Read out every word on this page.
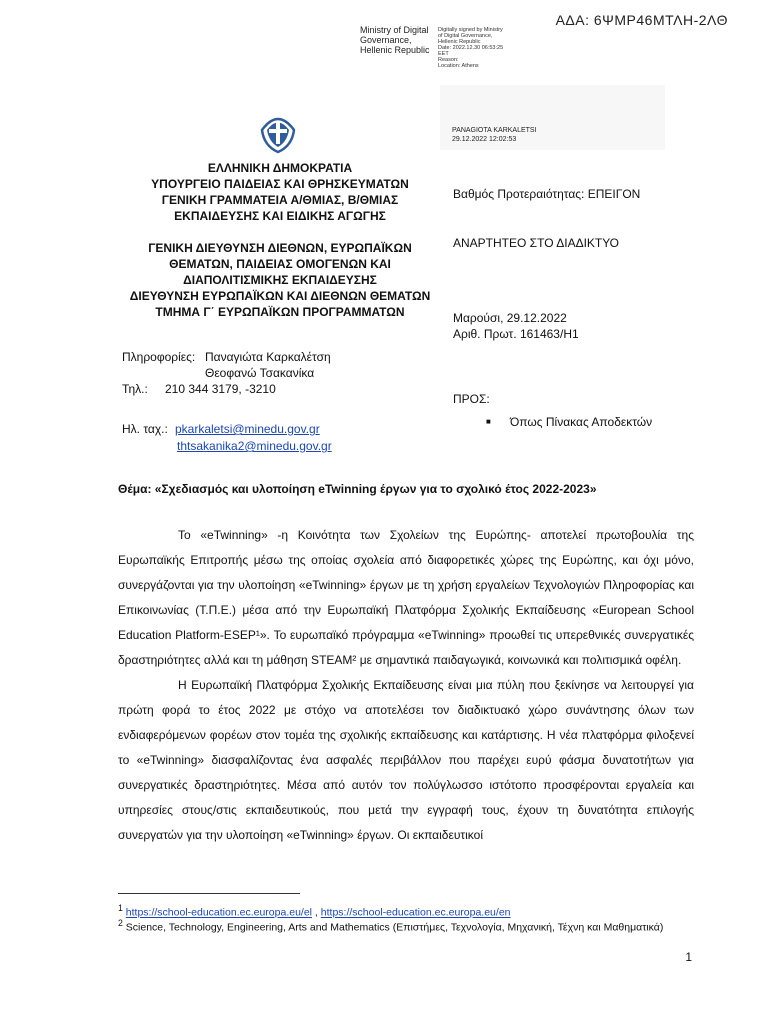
ΑΔΑ: 6ΨΜΡ46ΜΤΛΗ-2ΛΘ
Ministry of Digital
Governance,
Hellenic Republic
Digitally signed by Ministry
of Digital Governance,
Hellenic Republic
Date: 2022.12.30 06:53:25
EET
Reason:
Location: Athens
PANAGIOTA KARKALETSI
29.12.2022 12:02:53
ΕΛΛΗΝΙΚΗ ΔΗΜΟΚΡΑΤΙΑ
ΥΠΟΥΡΓΕΙΟ ΠΑΙΔΕΙΑΣ ΚΑΙ ΘΡΗΣΚΕΥΜΑΤΩΝ
ΓΕΝΙΚΗ ΓΡΑΜΜΑΤΕΙΑ Α/ΘΜΙΑΣ, Β/ΘΜΙΑΣ
ΕΚΠΑΙΔΕΥΣΗΣ ΚΑΙ ΕΙΔΙΚΗΣ ΑΓΩΓΗΣ
ΓΕΝΙΚΗ ΔΙΕΥΘΥΝΣΗ ΔΙΕΘΝΩΝ, ΕΥΡΩΠΑΪΚΩΝ
ΘΕΜΑΤΩΝ, ΠΑΙΔΕΙΑΣ ΟΜΟΓΕΝΩΝ ΚΑΙ
ΔΙΑΠΟΛΙΤΙΣΜΙΚΗΣ ΕΚΠΑΙΔΕΥΣΗΣ
ΔΙΕΥΘΥΝΣΗ ΕΥΡΩΠΑΪΚΩΝ ΚΑΙ ΔΙΕΘΝΩΝ ΘΕΜΑΤΩΝ
ΤΜΗΜΑ Γ΄ ΕΥΡΩΠΑΪΚΩΝ ΠΡΟΓΡΑΜΜΑΤΩΝ
Βαθμός Προτεραιότητας: ΕΠΕΙΓΟΝ
ΑΝΑΡΤΗΤΕΟ ΣΤΟ ΔΙΑΔΙΚΤΥΟ
Μαρούσι, 29.12.2022
Αριθ. Πρωτ. 161463/Η1
ΠΡΟΣ:
■ Όπως Πίνακας Αποδεκτών
Πληροφορίες: Παναγιώτα Καρκαλέτση
Θεοφανώ Τσακανίκα
Τηλ.: 210 344 3179, -3210
Ηλ. ταχ.: pkarkaletsi@minedu.gov.gr
thtsakanika2@minedu.gov.gr
Θέμα: «Σχεδιασμός και υλοποίηση eTwinning έργων για το σχολικό έτος 2022-2023»

Το «eTwinning» -η Κοινότητα των Σχολείων της Ευρώπης- αποτελεί πρωτοβουλία της Ευρωπαϊκής Επιτροπής μέσω της οποίας σχολεία από διαφορετικές χώρες της Ευρώπης, και όχι μόνο, συνεργάζονται για την υλοποίηση «eTwinning» έργων με τη χρήση εργαλείων Τεχνολογιών Πληροφορίας και Επικοινωνίας (Τ.Π.Ε.) μέσα από την Ευρωπαϊκή Πλατφόρμα Σχολικής Εκπαίδευσης «European School Education Platform-ESEP¹». Το ευρωπαϊκό πρόγραμμα «eTwinning» προωθεί τις υπερεθνικές συνεργατικές δραστηριότητες αλλά και τη μάθηση STEAM² με σημαντικά παιδαγωγικά, κοινωνικά και πολιτισμικά οφέλη.

Η Ευρωπαϊκή Πλατφόρμα Σχολικής Εκπαίδευσης είναι μια πύλη που ξεκίνησε να λειτουργεί για πρώτη φορά το έτος 2022 με στόχο να αποτελέσει τον διαδικτυακό χώρο συνάντησης όλων των ενδιαφερόμενων φορέων στον τομέα της σχολικής εκπαίδευσης και κατάρτισης. Η νέα πλατφόρμα φιλοξενεί το «eTwinning» διασφαλίζοντας ένα ασφαλές περιβάλλον που παρέχει ευρύ φάσμα δυνατοτήτων για συνεργατικές δραστηριότητες. Μέσα από αυτόν τον πολύγλωσσο ιστότοπο προσφέρονται εργαλεία και υπηρεσίες στους/στις εκπαιδευτικούς, που μετά την εγγραφή τους, έχουν τη δυνατότητα επιλογής συνεργατών για την υλοποίηση «eTwinning» έργων. Οι εκπαιδευτικοί

$^1$ https://school-education.ec.europa.eu/el , https://school-education.ec.europa.eu/en
$^2$ Science, Technology, Engineering, Arts and Mathematics (Επιστήμες, Τεχνολογία, Μηχανική, Τέχνη και Μαθηματικά)
1
